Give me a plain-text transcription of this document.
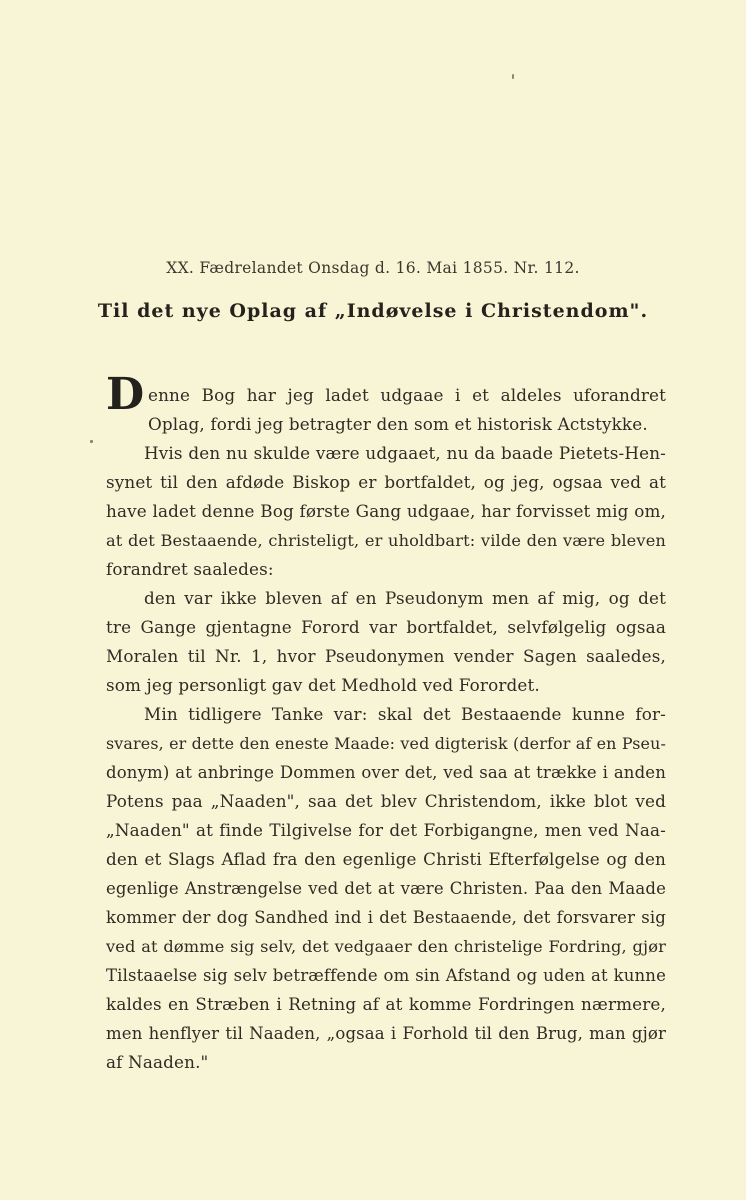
XX. Fædrelandet Onsdag d. 16. Mai 1855. Nr. 112.
Til det nye Oplag af „Indøvelse i Christendom".
D enne Bog har jeg ladet udgaae i et aldeles uforandret
Oplag, fordi jeg betragter den som et historisk Actstykke.
Hvis den nu skulde være udgaaet, nu da baade Pietets-Hen-
synet til den afdøde Biskop er bortfaldet, og jeg, ogsaa ved at
have ladet denne Bog første Gang udgaae, har forvisset mig om,
at det Bestaaende, christeligt, er uholdbart: vilde den være bleven
forandret saaledes:
den var ikke bleven af en Pseudonym men af mig, og det
tre Gange gjentagne Forord var bortfaldet, selvfølgelig ogsaa
Moralen til Nr. 1, hvor Pseudonymen vender Sagen saaledes,
som jeg personligt gav det Medhold ved Forordet.
Min tidligere Tanke var: skal det Bestaaende kunne for-
svares, er dette den eneste Maade: ved digterisk (derfor af en Pseu-
donym) at anbringe Dommen over det, ved saa at trække i anden
Potens paa „Naaden", saa det blev Christendom, ikke blot ved
„Naaden" at finde Tilgivelse for det Forbigangne, men ved Naa-
den et Slags Aflad fra den egenlige Christi Efterfølgelse og den
egenlige Anstrængelse ved det at være Christen. Paa den Maade
kommer der dog Sandhed ind i det Bestaaende, det forsvarer sig
ved at dømme sig selv, det vedgaaer den christelige Fordring, gjør
Tilstaaelse sig selv betræffende om sin Afstand og uden at kunne
kaldes en Stræben i Retning af at komme Fordringen nærmere,
men henflyer til Naaden, „ogsaa i Forhold til den Brug, man gjør
af Naaden."
